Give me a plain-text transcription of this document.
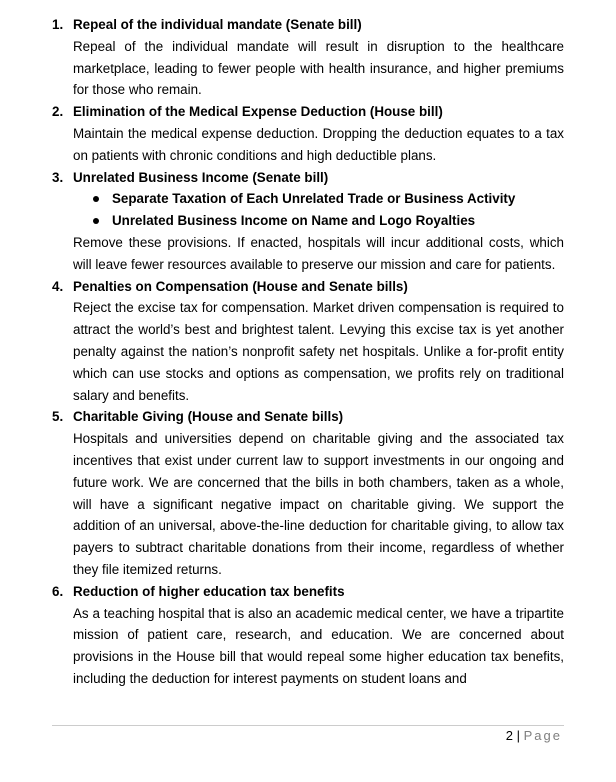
1. Repeal of the individual mandate (Senate bill)
Repeal of the individual mandate will result in disruption to the healthcare marketplace, leading to fewer people with health insurance, and higher premiums for those who remain.
2. Elimination of the Medical Expense Deduction (House bill)
Maintain the medical expense deduction. Dropping the deduction equates to a tax on patients with chronic conditions and high deductible plans.
3. Unrelated Business Income (Senate bill)
Separate Taxation of Each Unrelated Trade or Business Activity
Unrelated Business Income on Name and Logo Royalties
Remove these provisions. If enacted, hospitals will incur additional costs, which will leave fewer resources available to preserve our mission and care for patients.
4. Penalties on Compensation (House and Senate bills)
Reject the excise tax for compensation. Market driven compensation is required to attract the world’s best and brightest talent. Levying this excise tax is yet another penalty against the nation’s nonprofit safety net hospitals. Unlike a for-profit entity which can use stocks and options as compensation, we profits rely on traditional salary and benefits.
5. Charitable Giving (House and Senate bills)
Hospitals and universities depend on charitable giving and the associated tax incentives that exist under current law to support investments in our ongoing and future work. We are concerned that the bills in both chambers, taken as a whole, will have a significant negative impact on charitable giving. We support the addition of an universal, above-the-line deduction for charitable giving, to allow tax payers to subtract charitable donations from their income, regardless of whether they file itemized returns.
6. Reduction of higher education tax benefits
As a teaching hospital that is also an academic medical center, we have a tripartite mission of patient care, research, and education. We are concerned about provisions in the House bill that would repeal some higher education tax benefits, including the deduction for interest payments on student loans and
2 | Page
